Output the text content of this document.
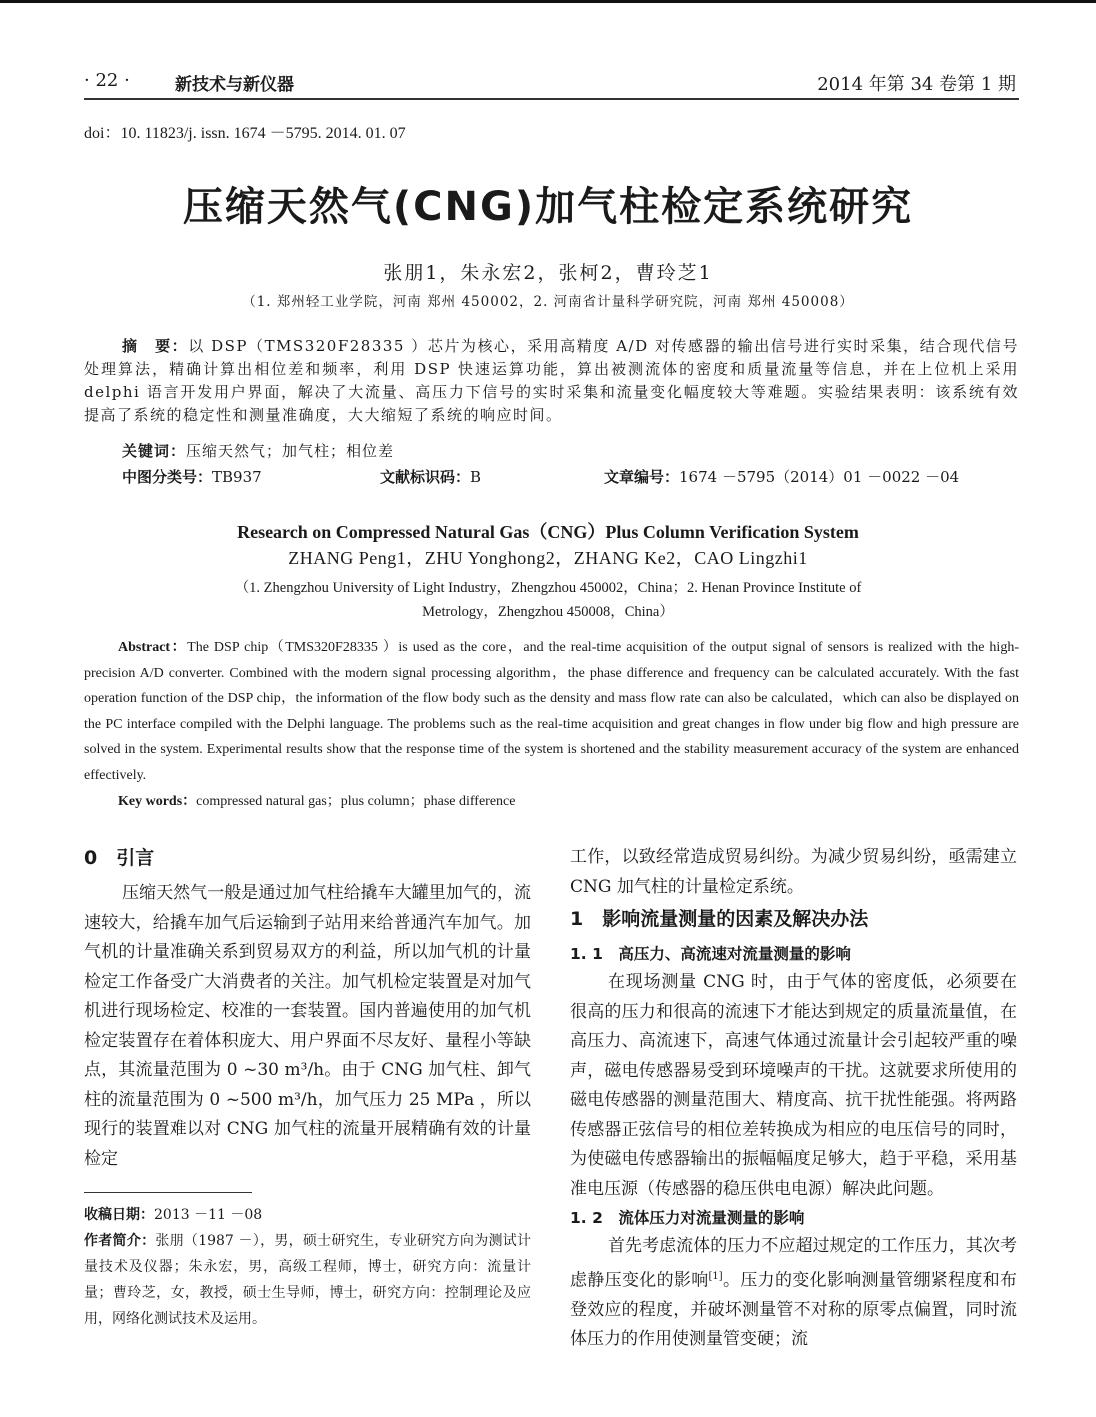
· 22 ·	新技术与新仪器	2014 年第 34 卷第 1 期
doi：10. 11823/j. issn. 1674 －5795. 2014. 01. 07
压缩天然气(CNG)加气柱检定系统研究
张朋1，朱永宏2，张柯2，曹玲芝1
（1. 郑州轻工业学院，河南 郑州 450002，2. 河南省计量科学研究院，河南 郑州 450008）
摘　要：以 DSP（TMS320F28335 ）芯片为核心，采用高精度 A/D 对传感器的输出信号进行实时采集，结合现代信号处理算法，精确计算出相位差和频率，利用 DSP 快速运算功能，算出被测流体的密度和质量流量等信息，并在上位机上采用 delphi 语言开发用户界面，解决了大流量、高压力下信号的实时采集和流量变化幅度较大等难题。实验结果表明：该系统有效提高了系统的稳定性和测量准确度，大大缩短了系统的响应时间。
关键词：压缩天然气；加气柱；相位差
中图分类号：TB937	文献标识码：B	文章编号：1674 －5795（2014）01 －0022 －04
Research on Compressed Natural Gas（CNG）Plus Column Verification System
ZHANG Peng1，ZHU Yonghong2，ZHANG Ke2，CAO Lingzhi1
（1. Zhengzhou University of Light Industry，Zhengzhou 450002，China；2. Henan Province Institute of
Metrology，Zhengzhou 450008，China）
Abstract：The DSP chip（TMS320F28335 ）is used as the core，and the real-time acquisition of the output signal of sensors is realized with the high-precision A/D converter. Combined with the modern signal processing algorithm，the phase difference and frequency can be calculated accurately. With the fast operation function of the DSP chip，the information of the flow body such as the density and mass flow rate can also be calculated，which can also be displayed on the PC interface compiled with the Delphi language. The problems such as the real-time acquisition and great changes in flow under big flow and high pressure are solved in the system. Experimental results show that the response time of the system is shortened and the stability measurement accuracy of the system are enhanced effectively.
Key words：compressed natural gas；plus column；phase difference
0　引言

压缩天然气一般是通过加气柱给撬车大罐里加气的，流速较大，给撬车加气后运输到子站用来给普通汽车加气。加气机的计量准确关系到贸易双方的利益，所以加气机的计量检定工作备受广大消费者的关注。加气机检定装置是对加气机进行现场检定、校准的一套装置。国内普遍使用的加气机检定装置存在着体积庞大、用户界面不尽友好、量程小等缺点，其流量范围为 0 ~30 m³/h。由于 CNG 加气柱、卸气柱的流量范围为 0 ~500 m³/h，加气压力 25 MPa ，所以现行的装置难以对 CNG 加气柱的流量开展精确有效的计量检定

收稿日期：2013 －11 －08
作者简介：张朋（1987 －），男，硕士研究生，专业研究方向为测试计量技术及仪器；朱永宏，男，高级工程师，博士，研究方向：流量计量；曹玲芝，女，教授，硕士生导师，博士，研究方向：控制理论及应用，网络化测试技术及运用。

工作，以致经常造成贸易纠纷。为减少贸易纠纷，亟需建立 CNG 加气柱的计量检定系统。

1　影响流量测量的因素及解决办法
1. 1　高压力、高流速对流量测量的影响

在现场测量 CNG 时，由于气体的密度低，必须要在很高的压力和很高的流速下才能达到规定的质量流量值，在高压力、高流速下，高速气体通过流量计会引起较严重的噪声，磁电传感器易受到环境噪声的干扰。这就要求所使用的磁电传感器的测量范围大、精度高、抗干扰性能强。将两路传感器正弦信号的相位差转换成为相应的电压信号的同时，为使磁电传感器输出的振幅幅度足够大，趋于平稳，采用基准电压源（传感器的稳压供电电源）解决此问题。

1. 2　流体压力对流量测量的影响

首先考虑流体的压力不应超过规定的工作压力，其次考虑静压变化的影响[1]。压力的变化影响测量管绷紧程度和布登效应的程度，并破坏测量管不对称的原零点偏置，同时流体压力的作用使测量管变硬；流
